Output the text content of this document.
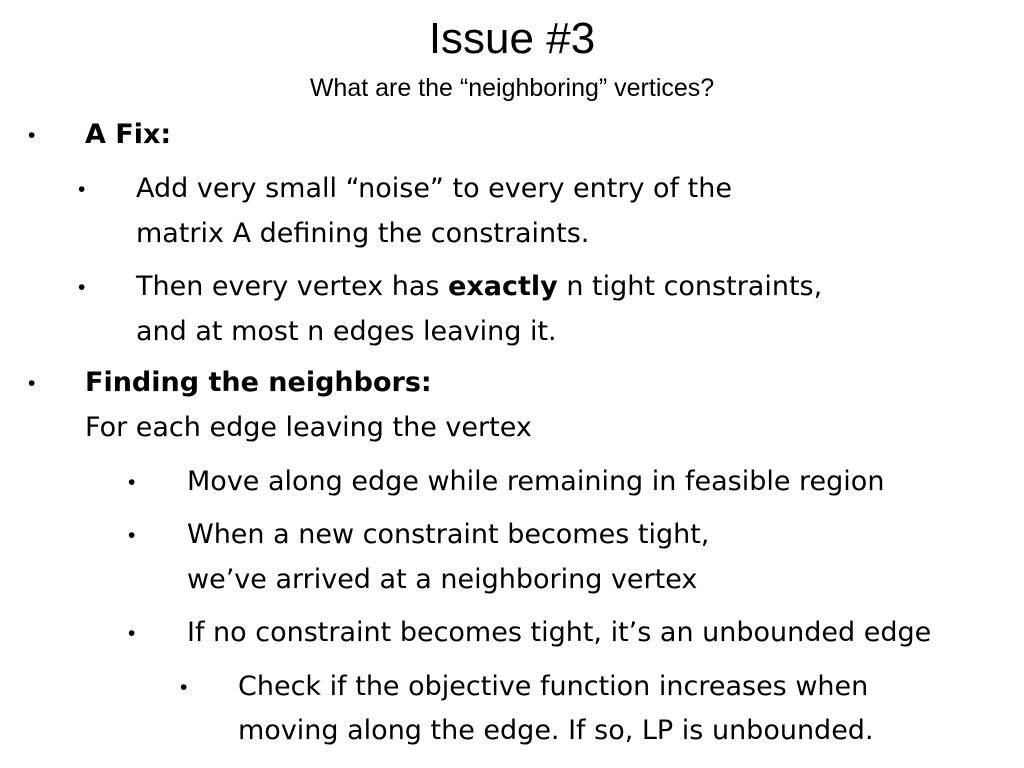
Issue #3
What are the “neighboring” vertices?
• A Fix:
• Add very small “noise” to every entry of the
matrix A defining the constraints.
• Then every vertex has exactly n tight constraints,
and at most n edges leaving it.
• Finding the neighbors:
For each edge leaving the vertex
• Move along edge while remaining in feasible region
• When a new constraint becomes tight,
we’ve arrived at a neighboring vertex
• If no constraint becomes tight, it’s an unbounded edge
• Check if the objective function increases when
moving along the edge. If so, LP is unbounded.
